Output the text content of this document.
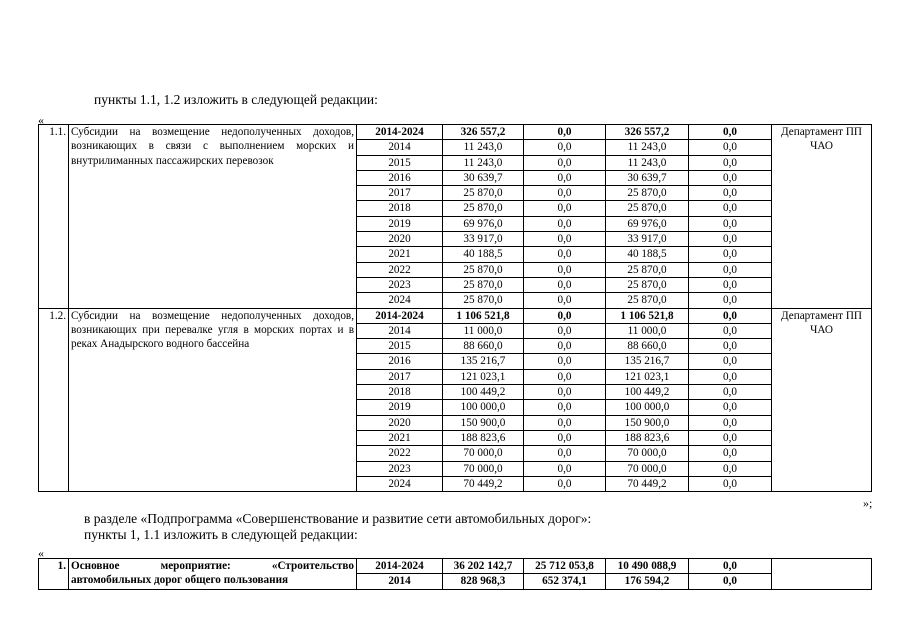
пункты 1.1, 1.2 изложить в следующей редакции:
«
1.1.	Субсидии на возмещение недополученных доходов, возникающих в связи с выполнением морских и внутрилиманных пассажирских перевозок	2014-2024	326 557,2	0,0	326 557,2	0,0	Департамент ПП ЧАО
		2014	11 243,0	0,0	11 243,0	0,0	
		2015	11 243,0	0,0	11 243,0	0,0	
		2016	30 639,7	0,0	30 639,7	0,0	
		2017	25 870,0	0,0	25 870,0	0,0	
		2018	25 870,0	0,0	25 870,0	0,0	
		2019	69 976,0	0,0	69 976,0	0,0	
		2020	33 917,0	0,0	33 917,0	0,0	
		2021	40 188,5	0,0	40 188,5	0,0	
		2022	25 870,0	0,0	25 870,0	0,0	
		2023	25 870,0	0,0	25 870,0	0,0	
		2024	25 870,0	0,0	25 870,0	0,0	
1.2.	Субсидии на возмещение недополученных доходов, возникающих при перевалке угля в морских портах и в реках Анадырского водного бассейна	2014-2024	1 106 521,8	0,0	1 106 521,8	0,0	Департамент ПП ЧАО
		2014	11 000,0	0,0	11 000,0	0,0	
		2015	88 660,0	0,0	88 660,0	0,0	
		2016	135 216,7	0,0	135 216,7	0,0	
		2017	121 023,1	0,0	121 023,1	0,0	
		2018	100 449,2	0,0	100 449,2	0,0	
		2019	100 000,0	0,0	100 000,0	0,0	
		2020	150 900,0	0,0	150 900,0	0,0	
		2021	188 823,6	0,0	188 823,6	0,0	
		2022	70 000,0	0,0	70 000,0	0,0	
		2023	70 000,0	0,0	70 000,0	0,0	
		2024	70 449,2	0,0	70 449,2	0,0	
»;
в разделе «Подпрограмма «Совершенствование и развитие сети автомобильных дорог»:
пункты 1, 1.1 изложить в следующей редакции:
«
1.	Основное мероприятие: «Строительство автомобильных дорог общего пользования	2014-2024	36 202 142,7	25 712 053,8	10 490 088,9	0,0	
		2014	828 968,3	652 374,1	176 594,2	0,0	
